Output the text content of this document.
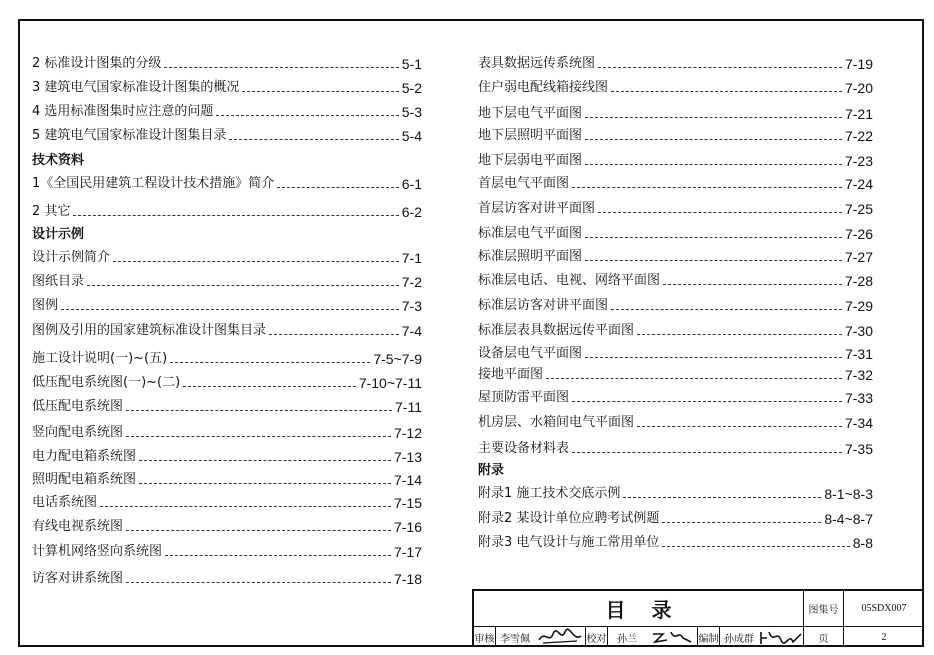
2 标准设计图集的分级	5-1
3 建筑电气国家标准设计图集的概况	5-2
4 选用标准图集时应注意的问题	5-3
5 建筑电气国家标准设计图集目录	5-4
技术资料
1《全国民用建筑工程设计技术措施》简介	6-1
2 其它	6-2
设计示例
设计示例简介	7-1
图纸目录	7-2
图例	7-3
图例及引用的国家建筑标准设计图集目录	7-4
施工设计说明(一)~(五)	7-5~7-9
低压配电系统图(一)~(二)	7-10~7-11
低压配电系统图	7-11
竖向配电系统图	7-12
电力配电箱系统图	7-13
照明配电箱系统图	7-14
电话系统图	7-15
有线电视系统图	7-16
计算机网络竖向系统图	7-17
访客对讲系统图	7-18
表具数据远传系统图	7-19
住户弱电配线箱接线图	7-20
地下层电气平面图	7-21
地下层照明平面图	7-22
地下层弱电平面图	7-23
首层电气平面图	7-24
首层访客对讲平面图	7-25
标准层电气平面图	7-26
标准层照明平面图	7-27
标准层电话、电视、网络平面图	7-28
标准层访客对讲平面图	7-29
标准层表具数据远传平面图	7-30
设备层电气平面图	7-31
接地平面图	7-32
屋顶防雷平面图	7-33
机房层、水箱间电气平面图	7-34
主要设备材料表	7-35
附录
附录1 施工技术交底示例	8-1~8-3
附录2 某设计单位应聘考试例题	8-4~8-7
附录3 电气设计与施工常用单位	8-8
目录	图集号	05SDX007
审核 李雪佩	校对	孙兰	编制 孙成群	页	2
